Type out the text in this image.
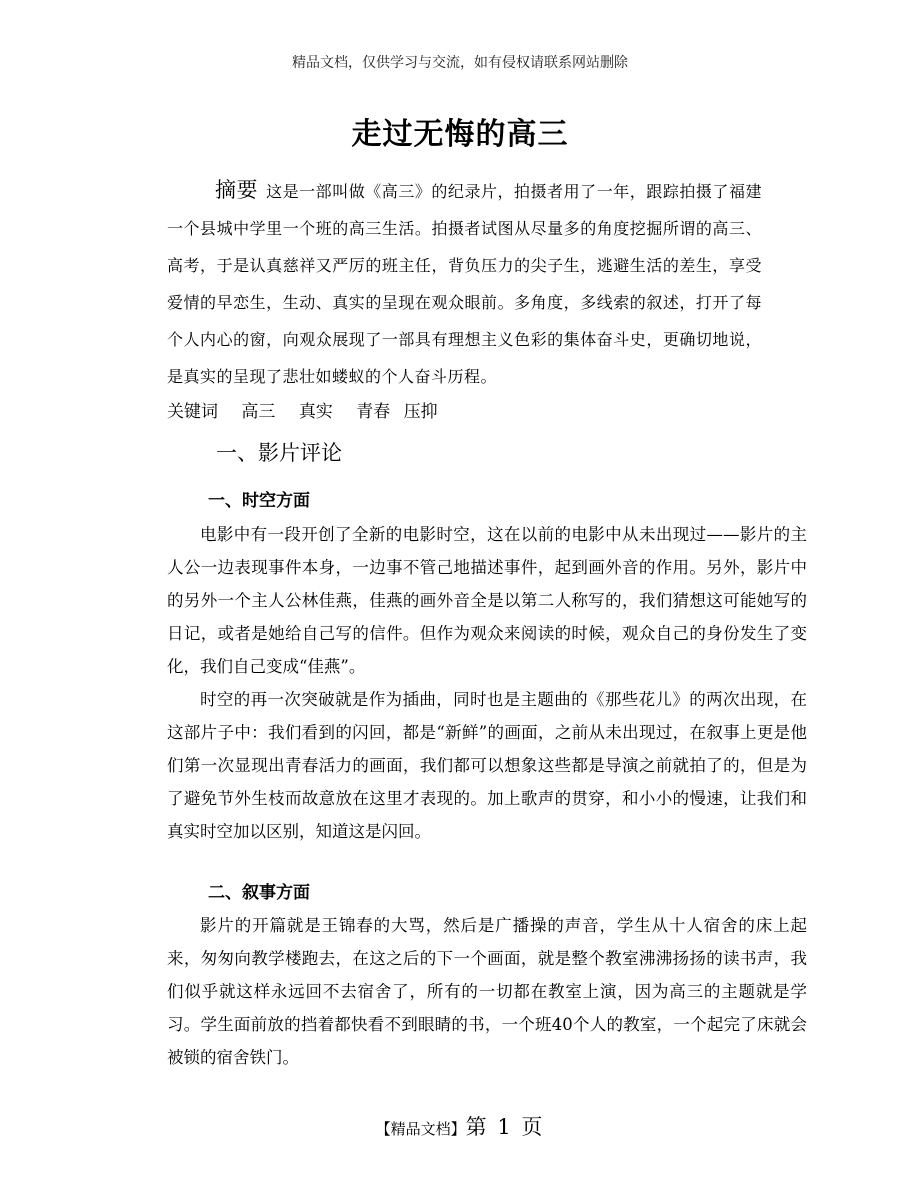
精品文档，仅供学习与交流，如有侵权请联系网站删除
走过无悔的高三
摘要 这是一部叫做《高三》的纪录片，拍摄者用了一年，跟踪拍摄了福建一个县城中学里一个班的高三生活。拍摄者试图从尽量多的角度挖掘所谓的高三、高考，于是认真慈祥又严厉的班主任，背负压力的尖子生，逃避生活的差生，享受爱情的早恋生，生动、真实的呈现在观众眼前。多角度，多线索的叙述，打开了每个人内心的窗，向观众展现了一部具有理想主义色彩的集体奋斗史，更确切地说，是真实的呈现了悲壮如蝼蚁的个人奋斗历程。
关键词 高三 真实 青春 压抑
一、影片评论
一、时空方面

电影中有一段开创了全新的电影时空，这在以前的电影中从未出现过——影片的主人公一边表现事件本身，一边事不管己地描述事件，起到画外音的作用。另外，影片中的另外一个主人公林佳燕，佳燕的画外音全是以第二人称写的，我们猜想这可能她写的日记，或者是她给自己写的信件。但作为观众来阅读的时候，观众自己的身份发生了变化，我们自己变成“佳燕”。

时空的再一次突破就是作为插曲，同时也是主题曲的《那些花儿》的两次出现，在这部片子中：我们看到的闪回，都是“新鲜”的画面，之前从未出现过，在叙事上更是他们第一次显现出青春活力的画面，我们都可以想象这些都是导演之前就拍了的，但是为了避免节外生枝而故意放在这里才表现的。加上歌声的贯穿，和小小的慢速，让我们和真实时空加以区别，知道这是闪回。

二、叙事方面

影片的开篇就是王锦春的大骂，然后是广播操的声音，学生从十人宿舍的床上起来，匆匆向教学楼跑去，在这之后的下一个画面，就是整个教室沸沸扬扬的读书声，我们似乎就这样永远回不去宿舍了，所有的一切都在教室上演，因为高三的主题就是学习。学生面前放的挡着都快看不到眼睛的书，一个班40个人的教室，一个起完了床就会被锁的宿舍铁门。

【精品文档】第 1 页
